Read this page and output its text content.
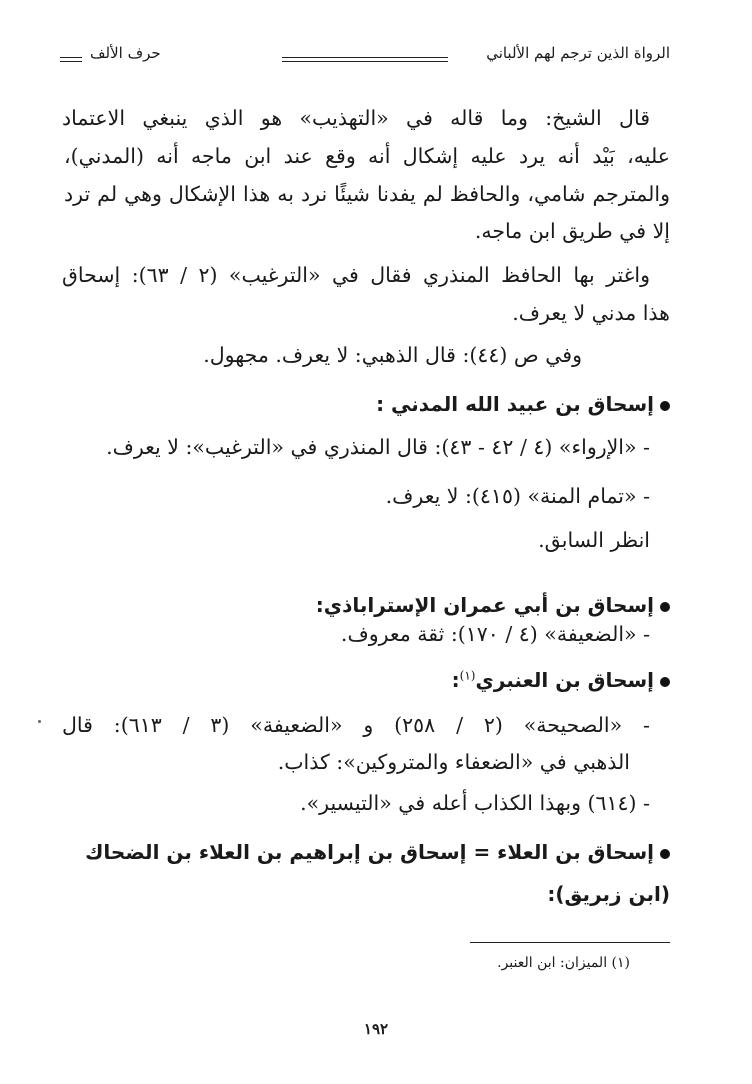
الرواة الذين ترجم لهم الألباني
حرف الألف
قال الشيخ: وما قاله في «التهذيب» هو الذي ينبغي الاعتماد
عليه، بَيْد أنه يرد عليه إشكال أنه وقع عند ابن ماجه أنه (المدني)،
والمترجم شامي، والحافظ لم يفدنا شيئًا نرد به هذا الإشكال وهي لم ترد
إلا في طريق ابن ماجه.
واغتر بها الحافظ المنذري فقال في «الترغيب» (٢ / ٦٣): إسحاق
هذا مدني لا يعرف.
وفي ص (٤٤): قال الذهبي: لا يعرف. مجهول.
إسحاق بن عبيد الله المدني :
- «الإرواء» (٤ / ٤٢ - ٤٣): قال المنذري في «الترغيب»: لا يعرف.
- «تمام المنة» (٤١٥): لا يعرف.
انظر السابق.
إسحاق بن أبي عمران الإستراباذي:
- «الضعيفة» (٤ / ١٧٠): ثقة معروف.
إسحاق بن العنبري$^{(١)}$:
- «الصحيحة» (٢ / ٢٥٨) و «الضعيفة» (٣ / ٦١٣): قال
الذهبي في «الضعفاء والمتروكين»: كذاب.
- (٦١٤) وبهذا الكذاب أعله في «التيسير».
إسحاق بن العلاء = إسحاق بن إبراهيم بن العلاء بن الضحاك
(ابن زبريق):
(١) الميزان: ابن العنبر.
١٩٢
